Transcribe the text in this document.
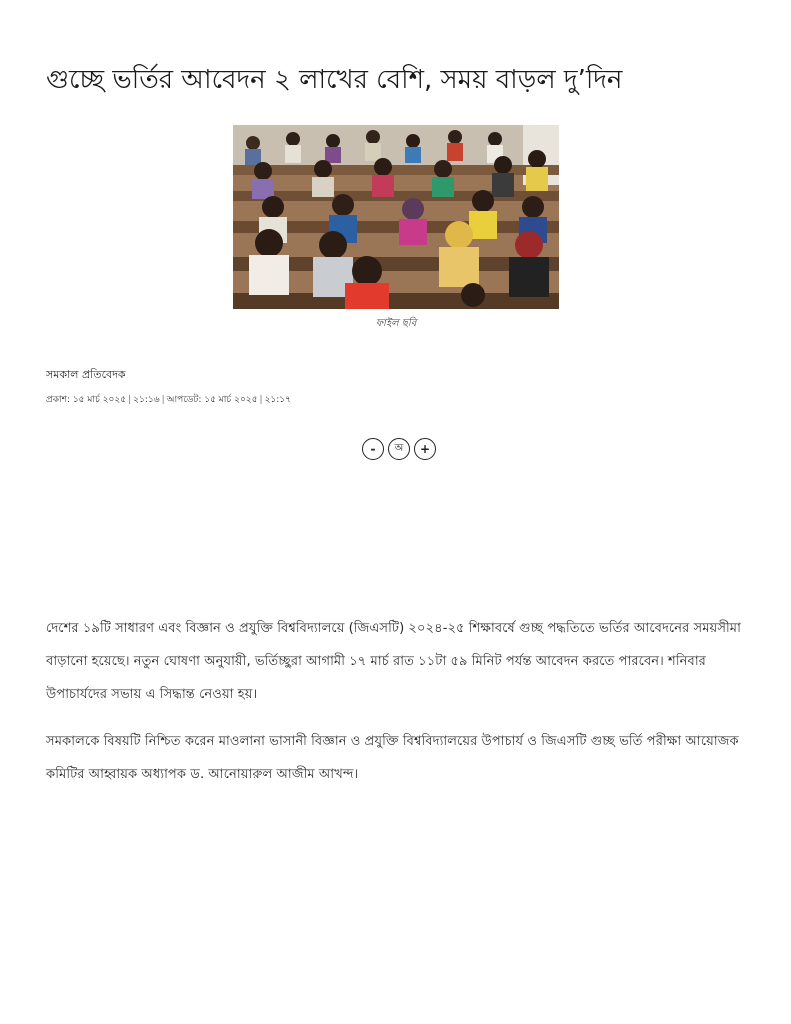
গুচ্ছে ভর্তির আবেদন ২ লাখের বেশি, সময় বাড়ল দু’দিন
ফাইল ছবি
সমকাল প্রতিবেদক
প্রকাশ: ১৫ মার্চ ২০২৫ | ২১:১৬ | আপডেট: ১৫ মার্চ ২০২৫ | ২১:১৭
- অ +

দেশের ১৯টি সাধারণ এবং বিজ্ঞান ও প্রযুক্তি বিশ্ববিদ্যালয়ে (জিএসটি) ২০২৪-২৫ শিক্ষাবর্ষে গুচ্ছ পদ্ধতিতে ভর্তির আবেদনের সময়সীমা বাড়ানো হয়েছে। নতুন ঘোষণা অনুযায়ী, ভর্তিচ্ছুরা আগামী ১৭ মার্চ রাত ১১টা ৫৯ মিনিট পর্যন্ত আবেদন করতে পারবেন। শনিবার উপাচার্যদের সভায় এ সিদ্ধান্ত নেওয়া হয়।

সমকালকে বিষয়টি নিশ্চিত করেন মাওলানা ভাসানী বিজ্ঞান ও প্রযুক্তি বিশ্ববিদ্যালয়ের উপাচার্য ও জিএসটি গুচ্ছ ভর্তি পরীক্ষা আয়োজক কমিটির আহ্বায়ক অধ্যাপক ড. আনোয়ারুল আজীম আখন্দ।
